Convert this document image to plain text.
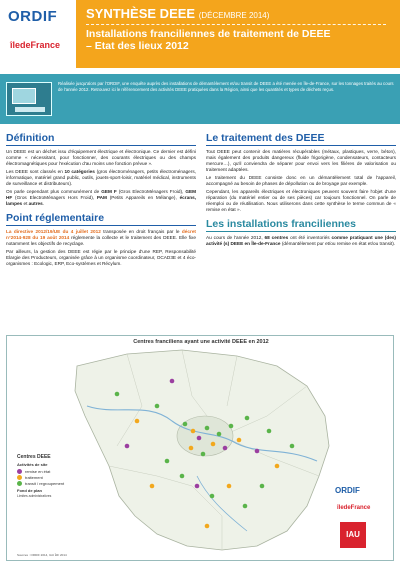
ORDIF
îledeFrance
SYNTHÈSE DEEE (DÉCEMBRE 2014)
Installations franciliennes de traitement de DEEE
– Etat des lieux 2012
Réalisée jusqu'alors par l'ORDIF, une enquête auprès des installations de démantèlement et/ou transit de DEEE a été menée en Île-de-France, sur les tonnages traités au cours de l'année 2012. Retrouvez ici le référencement des activités DEEE pratiquées dans la Région, ainsi que les quantités et types de déchets reçus.
Définition

Un DEEE est un déchet issu d'équipement électrique et électronique. Ce dernier est défini comme « nécessitant, pour fonctionner, des courants électriques ou des champs électromagnétiques pour l'exécution d'au moins une fonction prévue ».

Les DEEE sont classés en 10 catégories (gros électroménagers, petits électroménagers, informatique, matériel grand public, outils, jouets-sport-loisir, matériel médical, instruments de surveillance et distributeurs).

On parle cependant plus communément de GEM F (Gros ElectroMénagers Froid), GEM HF (Gros ElectroMénagers Hors Froid), PAM (Petits Appareils en Mélange), écrans, lampes et autres.

Point réglementaire

La directive 2012/19/UE du 4 juillet 2012 transposée en droit français par le décret n°2014-928 du 19 août 2014 réglemente la collecte et le traitement des DEEE. Elle fixe notamment les objectifs de recyclage.

Par ailleurs, la gestion des DEEE est régie par le principe d'une REP, Responsabilité Elargie des Producteurs, organisée grâce à un organisme coordinateur, OCAD3E et 4 éco-organismes : Ecologic, ERP, Eco-systèmes et Récylum.

Le traitement des DEEE

Tout DEEE peut contenir des matières récupérables (métaux, plastiques, verre, béton), mais également des produits dangereux (fluide frigorigène, condensateurs, contacteurs mercure…), qu'il conviendra de séparer pour envoi vers les filières de valorisation ou traitement adaptées.

Le traitement du DEEE consiste donc en un démantèlement total de l'appareil, accompagné au besoin de phases de dépollution ou de broyage par exemple.

Cependant, les appareils électriques et électroniques peuvent souvent faire l'objet d'une réparation (du matériel entier ou de ses pièces) car toujours fonctionnel. On parle de réemploi ou de réutilisation. Nous utiliserons dans cette synthèse le terme commun de « remise en état ».

Les installations franciliennes

Au cours de l'année 2012, 68 centres ont été inventoriés comme pratiquant une (des) activité (s) DEEE en Île-de-France (démantèlement pur et/ou remise en état et/ou transit).

Centres franciliens ayant une activité DEEE en 2012
Centres DEEE
Activités de site
remise en état
traitement
transit / regroupement
Fond de plan
Limites administratives
Sources : ORDIF 2014, IAU ÎdF 2014
ORDIF
îledeFrance
IAU
